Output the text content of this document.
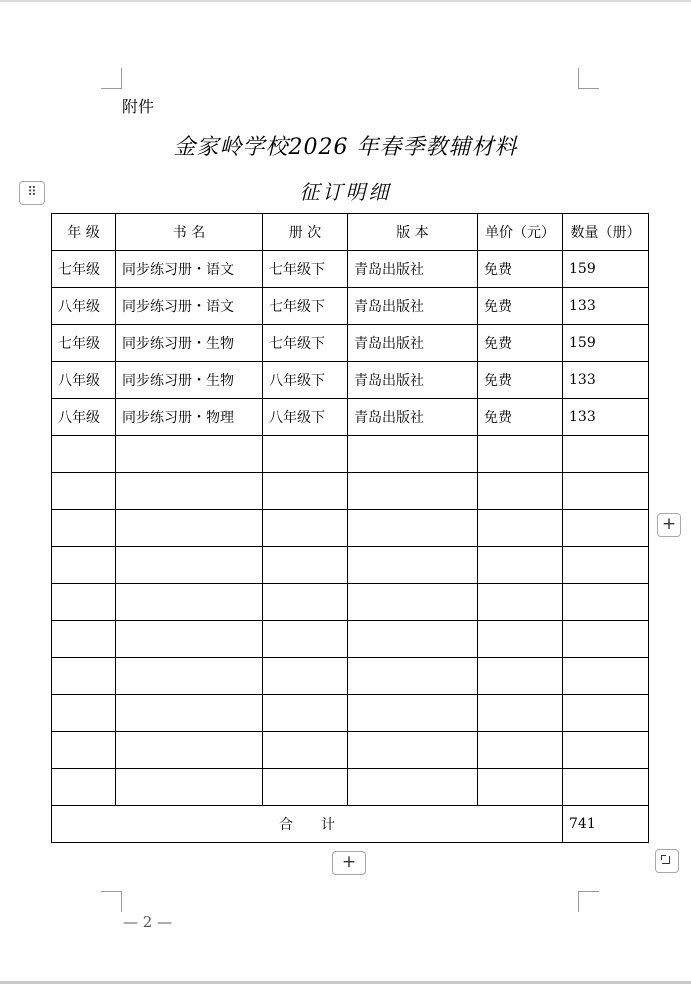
附件
金家岭学校2026 年春季教辅材料
征订明细
⠿
年 级	书 名	册 次	版 本	单价（元）	数量（册）
七年级	同步练习册・语文	七年级下	青岛出版社	免费	159
八年级	同步练习册・语文	七年级下	青岛出版社	免费	133
七年级	同步练习册・生物	七年级下	青岛出版社	免费	159
八年级	同步练习册・生物	八年级下	青岛出版社	免费	133
八年级	同步练习册・物理	八年级下	青岛出版社	免费	133

合　　计					741
+
+
— 2 —
